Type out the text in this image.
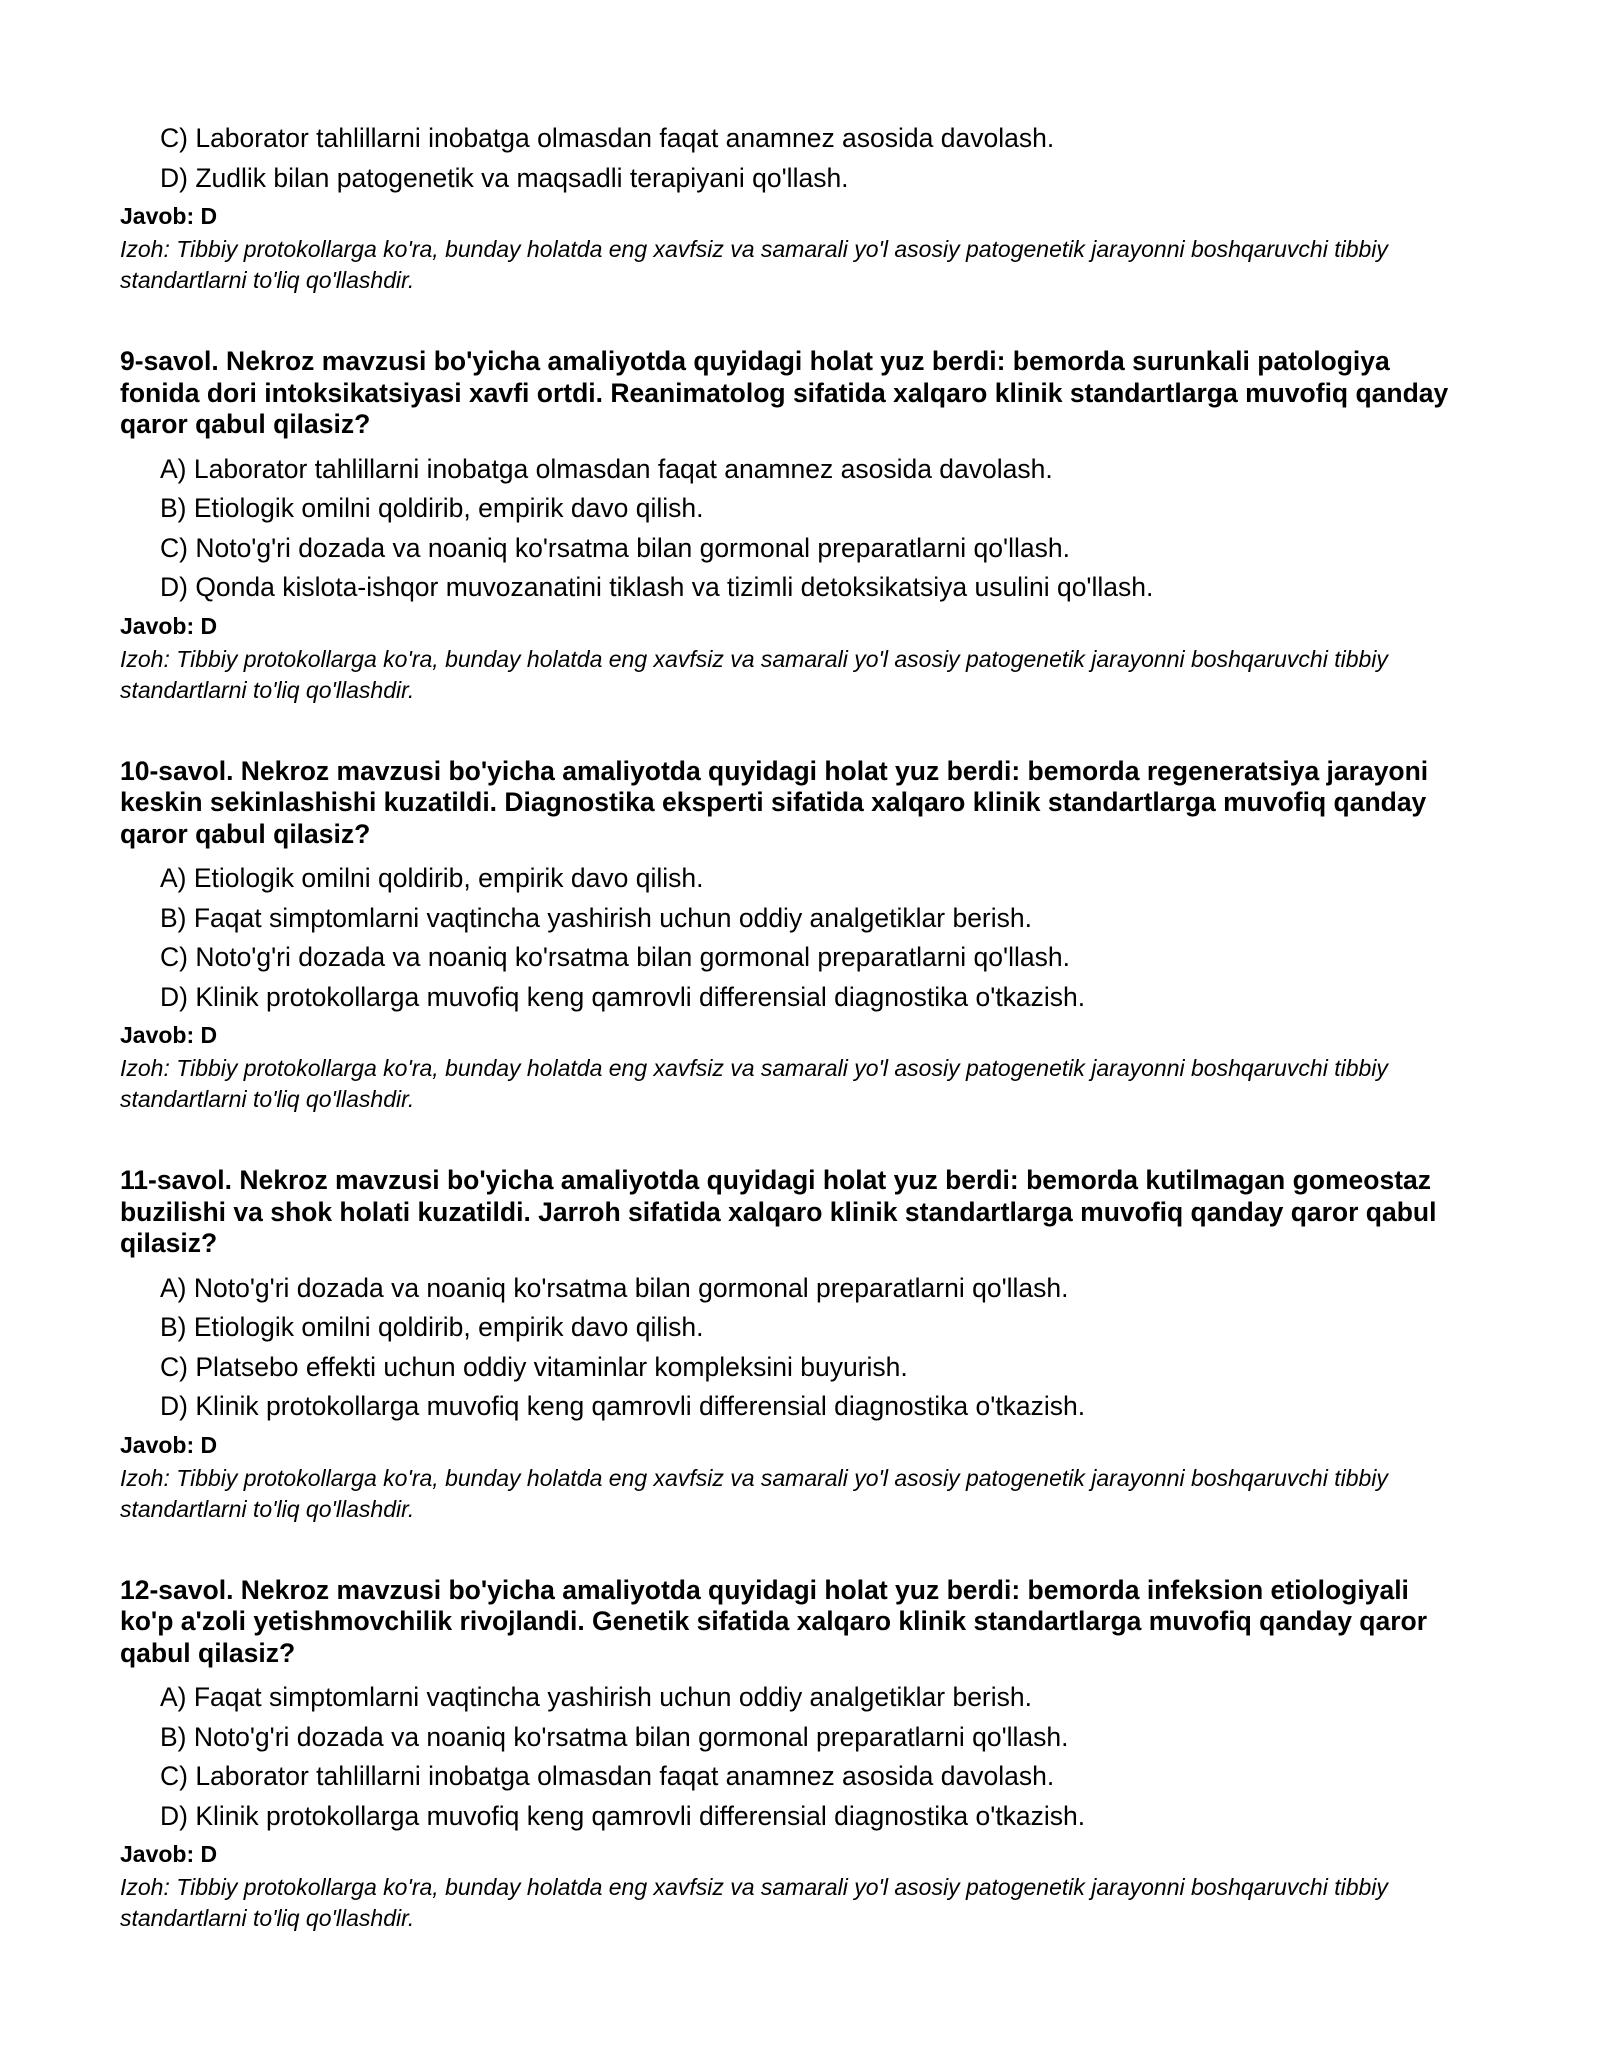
C) Laborator tahlillarni inobatga olmasdan faqat anamnez asosida davolash.
D) Zudlik bilan patogenetik va maqsadli terapiyani qo'llash.
Javob: D
Izoh: Tibbiy protokollarga ko'ra, bunday holatda eng xavfsiz va samarali yo'l asosiy patogenetik jarayonni boshqaruvchi tibbiy standartlarni to'liq qo'llashdir.
9-savol. Nekroz mavzusi bo'yicha amaliyotda quyidagi holat yuz berdi: bemorda surunkali patologiya fonida dori intoksikatsiyasi xavfi ortdi. Reanimatolog sifatida xalqaro klinik standartlarga muvofiq qanday qaror qabul qilasiz?
A) Laborator tahlillarni inobatga olmasdan faqat anamnez asosida davolash.
B) Etiologik omilni qoldirib, empirik davo qilish.
C) Noto'g'ri dozada va noaniq ko'rsatma bilan gormonal preparatlarni qo'llash.
D) Qonda kislota-ishqor muvozanatini tiklash va tizimli detoksikatsiya usulini qo'llash.
Javob: D
Izoh: Tibbiy protokollarga ko'ra, bunday holatda eng xavfsiz va samarali yo'l asosiy patogenetik jarayonni boshqaruvchi tibbiy standartlarni to'liq qo'llashdir.
10-savol. Nekroz mavzusi bo'yicha amaliyotda quyidagi holat yuz berdi: bemorda regeneratsiya jarayoni keskin sekinlashishi kuzatildi. Diagnostika eksperti sifatida xalqaro klinik standartlarga muvofiq qanday qaror qabul qilasiz?
A) Etiologik omilni qoldirib, empirik davo qilish.
B) Faqat simptomlarni vaqtincha yashirish uchun oddiy analgetiklar berish.
C) Noto'g'ri dozada va noaniq ko'rsatma bilan gormonal preparatlarni qo'llash.
D) Klinik protokollarga muvofiq keng qamrovli differensial diagnostika o'tkazish.
Javob: D
Izoh: Tibbiy protokollarga ko'ra, bunday holatda eng xavfsiz va samarali yo'l asosiy patogenetik jarayonni boshqaruvchi tibbiy standartlarni to'liq qo'llashdir.
11-savol. Nekroz mavzusi bo'yicha amaliyotda quyidagi holat yuz berdi: bemorda kutilmagan gomeostaz buzilishi va shok holati kuzatildi. Jarroh sifatida xalqaro klinik standartlarga muvofiq qanday qaror qabul qilasiz?
A) Noto'g'ri dozada va noaniq ko'rsatma bilan gormonal preparatlarni qo'llash.
B) Etiologik omilni qoldirib, empirik davo qilish.
C) Platsebo effekti uchun oddiy vitaminlar kompleksini buyurish.
D) Klinik protokollarga muvofiq keng qamrovli differensial diagnostika o'tkazish.
Javob: D
Izoh: Tibbiy protokollarga ko'ra, bunday holatda eng xavfsiz va samarali yo'l asosiy patogenetik jarayonni boshqaruvchi tibbiy standartlarni to'liq qo'llashdir.
12-savol. Nekroz mavzusi bo'yicha amaliyotda quyidagi holat yuz berdi: bemorda infeksion etiologiyali ko'p a'zoli yetishmovchilik rivojlandi. Genetik sifatida xalqaro klinik standartlarga muvofiq qanday qaror qabul qilasiz?
A) Faqat simptomlarni vaqtincha yashirish uchun oddiy analgetiklar berish.
B) Noto'g'ri dozada va noaniq ko'rsatma bilan gormonal preparatlarni qo'llash.
C) Laborator tahlillarni inobatga olmasdan faqat anamnez asosida davolash.
D) Klinik protokollarga muvofiq keng qamrovli differensial diagnostika o'tkazish.
Javob: D
Izoh: Tibbiy protokollarga ko'ra, bunday holatda eng xavfsiz va samarali yo'l asosiy patogenetik jarayonni boshqaruvchi tibbiy standartlarni to'liq qo'llashdir.
